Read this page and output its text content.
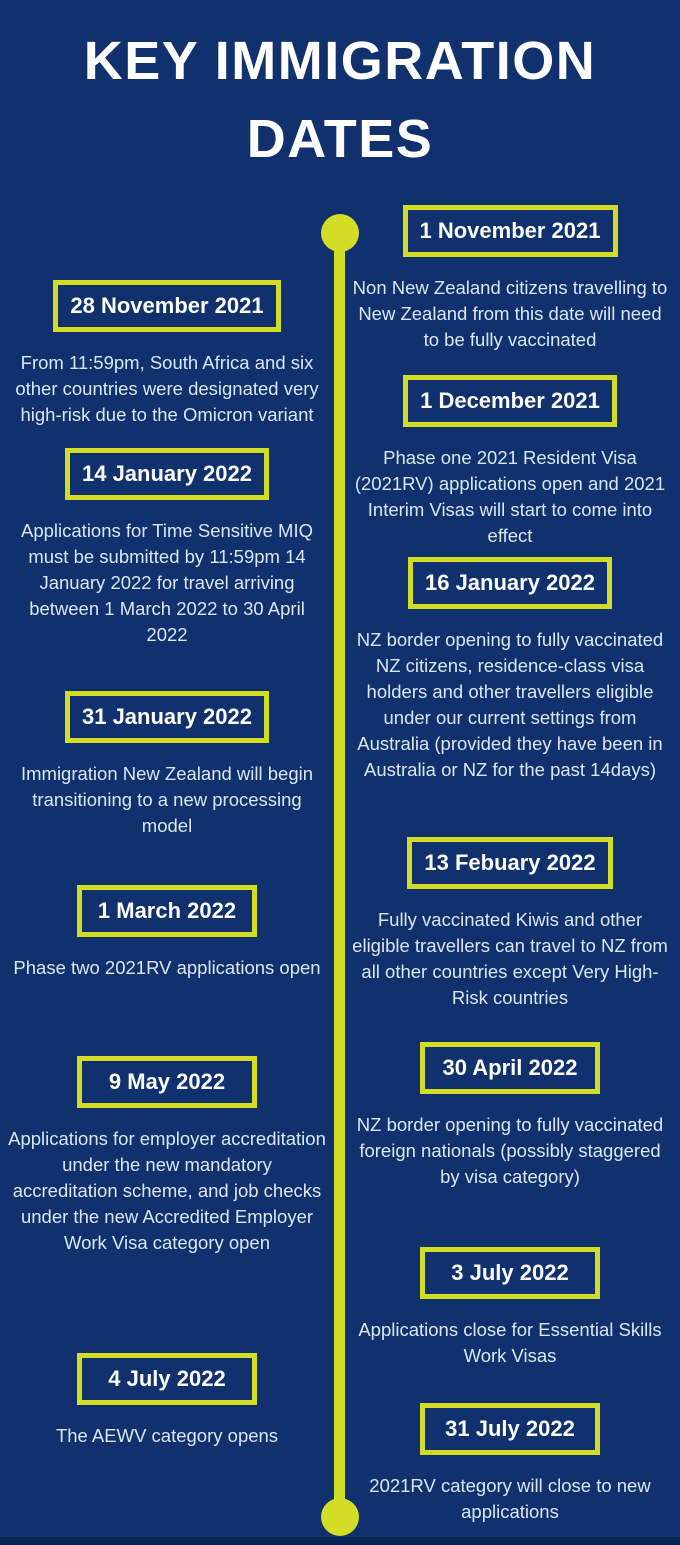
KEY IMMIGRATION
DATES
28 November 2021

From 11:59pm, South Africa and six other countries were designated very high-risk due to the Omicron variant

14 January 2022

Applications for Time Sensitive MIQ must be submitted by 11:59pm 14 January 2022 for travel arriving between 1 March 2022 to 30 April 2022

31 January 2022

Immigration New Zealand will begin transitioning to a new processing model

1 March 2022

Phase two 2021RV applications open

9 May 2022

Applications for employer accreditation under the new mandatory accreditation scheme, and job checks under the new Accredited Employer Work Visa category open

4 July 2022

The AEWV category opens

1 November 2021

Non New Zealand citizens travelling to New Zealand from this date will need to be fully vaccinated

1 December 2021

Phase one 2021 Resident Visa (2021RV) applications open and 2021 Interim Visas will start to come into effect

16 January 2022

NZ border opening to fully vaccinated NZ citizens, residence-class visa holders and other travellers eligible under our current settings from Australia (provided they have been in Australia or NZ for the past 14days)

13 Febuary 2022

Fully vaccinated Kiwis and other eligible travellers can travel to NZ from all other countries except Very High-Risk countries

30 April 2022

NZ border opening to fully vaccinated foreign nationals (possibly staggered by visa category)

3 July 2022

Applications close for Essential Skills Work Visas

31 July 2022

2021RV category will close to new applications
